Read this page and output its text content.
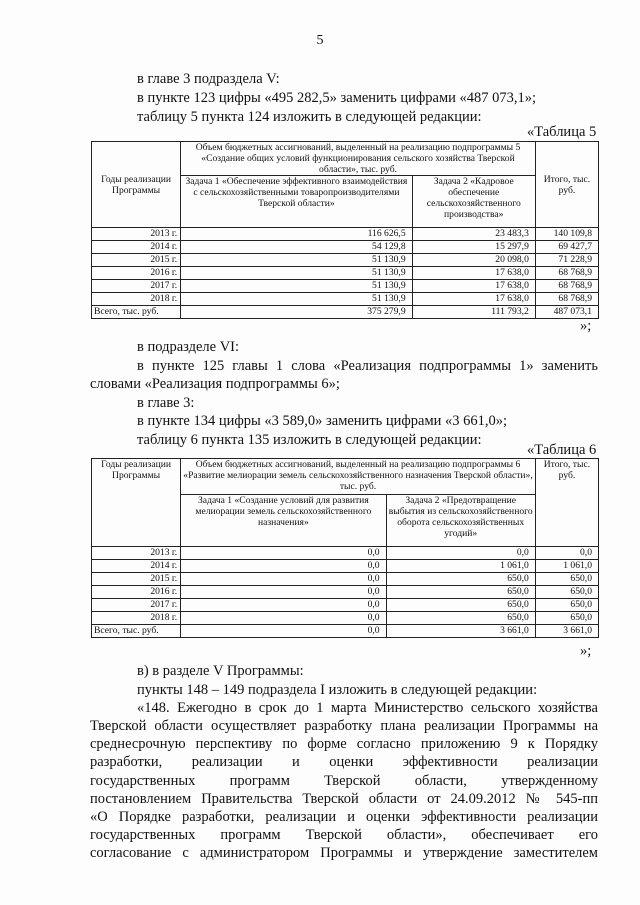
5

в главе 3 подраздела V:

в пункте 123 цифры «495 282,5» заменить цифрами «487 073,1»;

таблицу 5 пункта 124 изложить в следующей редакции:

«Таблица 5
Годы реализации Программы	Объем бюджетных ассигнований, выделенный на реализацию подпрограммы 5 «Создание общих условий функционирования сельского хозяйства Тверской области», тыс. руб.		Итого, тыс. руб.
	Задача 1 «Обеспечение эффективного взаимодействия с сельскохозяйственными товаропроизводителями Тверской области»	Задача 2 «Кадровое обеспечение сельскохозяйственного производства»	
2013 г.	116 626,5	23 483,3	140 109,8
2014 г.	54 129,8	15 297,9	69 427,7
2015 г.	51 130,9	20 098,0	71 228,9
2016 г.	51 130,9	17 638,0	68 768,9
2017 г.	51 130,9	17 638,0	68 768,9
2018 г.	51 130,9	17 638,0	68 768,9
Всего, тыс. руб.	375 279,9	111 793,2	487 073,1
»;

в подразделе VI:

в пункте 125 главы 1 слова «Реализация подпрограммы 1» заменить

словами «Реализация подпрограммы 6»;

в главе 3:

в пункте 134 цифры «3 589,0» заменить цифрами «3 661,0»;

таблицу 6 пункта 135 изложить в следующей редакции:

«Таблица 6
Годы реализации Программы	Объем бюджетных ассигнований, выделенный на реализацию подпрограммы 6 «Развитие мелиорации земель сельскохозяйственного назначения Тверской области», тыс. руб.		Итого, тыс. руб.
	Задача 1 «Создание условий для развития мелиорации земель сельскохозяйственного назначения»	Задача 2 «Предотвращение выбытия из сельскохозяйственного оборота сельскохозяйственных угодий»	
2013 г.	0,0	0,0	0,0
2014 г.	0,0	1 061,0	1 061,0
2015 г.	0,0	650,0	650,0
2016 г.	0,0	650,0	650,0
2017 г.	0,0	650,0	650,0
2018 г.	0,0	650,0	650,0
Всего, тыс. руб.	0,0	3 661,0	3 661,0
»;

в) в разделе V Программы:

пункты 148 – 149 подраздела I изложить в следующей редакции:

«148. Ежегодно в срок до 1 марта Министерство сельского хозяйства
Тверской области осуществляет разработку плана реализации Программы на
среднесрочную перспективу по форме согласно приложению 9 к Порядку
разработки, реализации и оценки эффективности реализации
государственных программ Тверской области, утвержденному
постановлением Правительства Тверской области от 24.09.2012 № 545-пп
«О Порядке разработки, реализации и оценки эффективности реализации
государственных программ Тверской области», обеспечивает его
согласование с администратором Программы и утверждение заместителем
